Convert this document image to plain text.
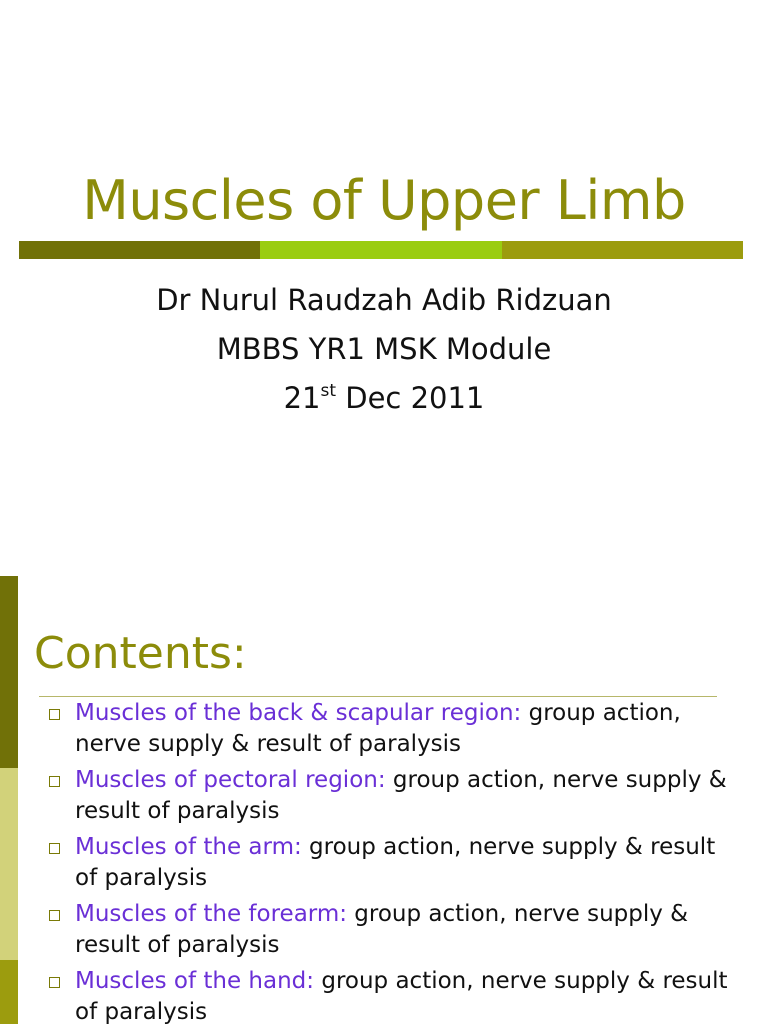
Muscles of Upper Limb
Dr Nurul Raudzah Adib Ridzuan
MBBS YR1 MSK Module
21st Dec 2011
Contents:
Muscles of the back & scapular region: group action, nerve supply & result of paralysis
Muscles of pectoral region: group action, nerve supply & result of paralysis
Muscles of the arm: group action, nerve supply & result of paralysis
Muscles of the forearm: group action, nerve supply & result of paralysis
Muscles of the hand: group action, nerve supply & result of paralysis
